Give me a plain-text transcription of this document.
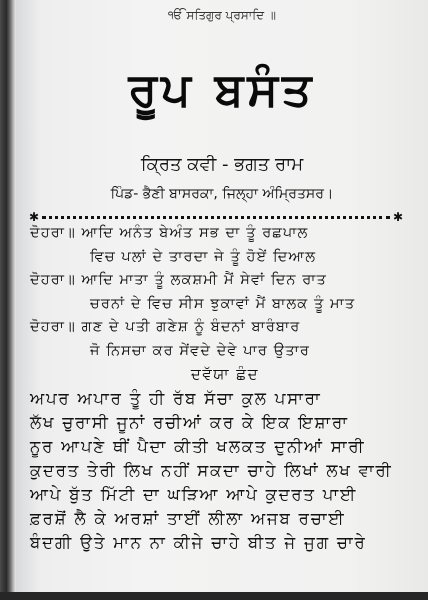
ੴ ਸਤਿਗੁਰ ਪ੍ਰਸਾਦਿ ॥
ਰੂਪ ਬਸੰਤ
ਕ੍ਰਿਤ ਕਵੀ - ਭਗਤ ਰਾਮ
ਪਿੰਡ- ਭੈਣੀ ਬਾਸਰਕਾ, ਜਿਲ੍ਹਾ ਅੰਮ੍ਰਿਤਸਰ।
✱	✱
ਦੋਹਰਾ॥ ਆਦਿ ਅਨੰਤ ਬੇਅੰਤ ਸਭ ਦਾ ਤੂੰ ਰਛਪਾਲ
ਵਿਚ ਪਲਾਂ ਦੇ ਤਾਰਦਾ ਜੇ ਤੂੰ ਹੋਏਂ ਦਿਆਲ
ਦੋਹਰਾ॥ ਆਦਿ ਮਾਤਾ ਤੂੰ ਲਕਸ਼ਮੀ ਮੈਂ ਸੇਵਾਂ ਦਿਨ ਰਾਤ
ਚਰਨਾਂ ਦੇ ਵਿਚ ਸੀਸ ਝੁਕਾਵਾਂ ਮੈਂ ਬਾਲਕ ਤੂੰ ਮਾਤ
ਦੋਹਰਾ॥ ਗਣ ਦੇ ਪਤੀ ਗਣੇਸ਼ ਨੂੰ ਬੰਦਨਾਂ ਬਾਰੰਬਾਰ
ਜੋ ਨਿਸਚਾ ਕਰ ਸੇਂਵਦੇ ਦੇਵੇ ਪਾਰ ਉਤਾਰ
ਦਵੱਯਾ ਛੰਦ
ਅਪਰ ਅਪਾਰ ਤੂੰ ਹੀ ਰੱਬ ਸੱਚਾ ਕੁਲ ਪਸਾਰਾ
ਲੱਖ ਚੁਰਾਸੀ ਜੂਨਾਂ ਰਚੀਆਂ ਕਰ ਕੇ ਇਕ ਇਸ਼ਾਰਾ
ਨੂਰ ਆਪਣੇ ਥੀਂ ਪੈਦਾ ਕੀਤੀ ਖਲਕਤ ਦੁਨੀਆਂ ਸਾਰੀ
ਕੁਦਰਤ ਤੇਰੀ ਲਿਖ ਨਹੀਂ ਸਕਦਾ ਚਾਹੇ ਲਿਖਾਂ ਲਖ ਵਾਰੀ
ਆਪੇ ਬੁੱਤ ਮਿੱਟੀ ਦਾ ਘੜਿਆ ਆਪੇ ਕੁਦਰਤ ਪਾਈ
ਫ਼ਰਸ਼ੋਂ ਲੈ ਕੇ ਅਰਸ਼ਾਂ ਤਾਈਂ ਲੀਲਾ ਅਜਬ ਰਚਾਈ
ਬੰਦਗੀ ਉਤੇ ਮਾਨ ਨਾ ਕੀਜੇ ਚਾਹੇ ਬੀਤ ਜੇ ਜੁਗ ਚਾਰੇ
